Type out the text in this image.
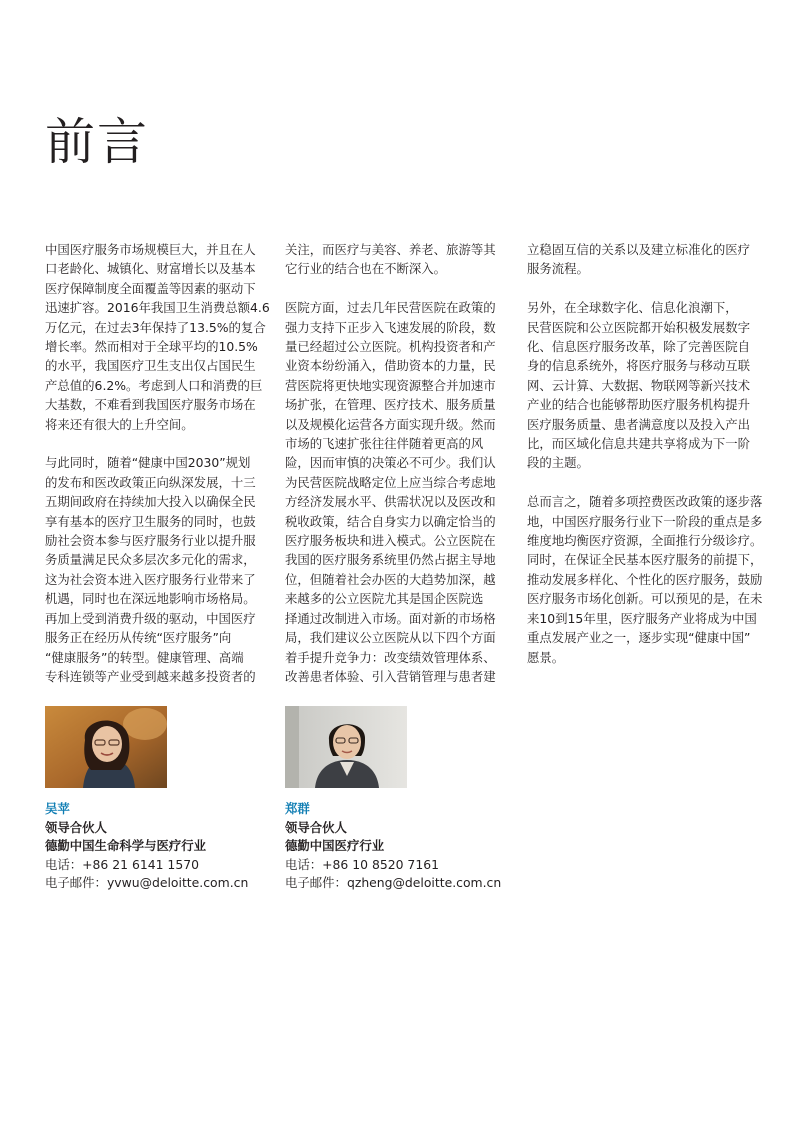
前言

中国医疗服务市场规模巨大，并且在人
口老龄化、城镇化、财富增长以及基本
医疗保障制度全面覆盖等因素的驱动下
迅速扩容。2016年我国卫生消费总额4.6
万亿元，在过去3年保持了13.5%的复合
增长率。然而相对于全球平均的10.5%
的水平，我国医疗卫生支出仅占国民生
产总值的6.2%。考虑到人口和消费的巨
大基数，不难看到我国医疗服务市场在
将来还有很大的上升空间。

与此同时，随着“健康中国2030”规划
的发布和医改政策正向纵深发展，十三
五期间政府在持续加大投入以确保全民
享有基本的医疗卫生服务的同时，也鼓
励社会资本参与医疗服务行业以提升服
务质量满足民众多层次多元化的需求，
这为社会资本进入医疗服务行业带来了
机遇，同时也在深远地影响市场格局。
再加上受到消费升级的驱动，中国医疗
服务正在经历从传统“医疗服务”向
“健康服务”的转型。健康管理、高端
专科连锁等产业受到越来越多投资者的

关注，而医疗与美容、养老、旅游等其
它行业的结合也在不断深入。

医院方面，过去几年民营医院在政策的
强力支持下正步入飞速发展的阶段，数
量已经超过公立医院。机构投资者和产
业资本纷纷涌入，借助资本的力量，民
营医院将更快地实现资源整合并加速市
场扩张，在管理、医疗技术、服务质量
以及规模化运营各方面实现升级。然而
市场的飞速扩张往往伴随着更高的风
险，因而审慎的决策必不可少。我们认
为民营医院战略定位上应当综合考虑地
方经济发展水平、供需状况以及医改和
税收政策，结合自身实力以确定恰当的
医疗服务板块和进入模式。公立医院在
我国的医疗服务系统里仍然占据主导地
位，但随着社会办医的大趋势加深，越
来越多的公立医院尤其是国企医院选
择通过改制进入市场。面对新的市场格
局，我们建议公立医院从以下四个方面
着手提升竞争力：改变绩效管理体系、
改善患者体验、引入营销管理与患者建

立稳固互信的关系以及建立标准化的医疗
服务流程。

另外，在全球数字化、信息化浪潮下，
民营医院和公立医院都开始积极发展数字
化、信息医疗服务改革，除了完善医院自
身的信息系统外，将医疗服务与移动互联
网、云计算、大数据、物联网等新兴技术
产业的结合也能够帮助医疗服务机构提升
医疗服务质量、患者满意度以及投入产出
比，而区域化信息共建共享将成为下一阶
段的主题。

总而言之，随着多项控费医改政策的逐步落
地，中国医疗服务行业下一阶段的重点是多
维度地均衡医疗资源，全面推行分级诊疗。
同时，在保证全民基本医疗服务的前提下，
推动发展多样化、个性化的医疗服务，鼓励
医疗服务市场化创新。可以预见的是，在未
来10到15年里，医疗服务产业将成为中国
重点发展产业之一，逐步实现“健康中国”
愿景。

吴苹
领导合伙人
德勤中国生命科学与医疗行业
电话：+86 21 6141 1570
电子邮件：yvwu@deloitte.com.cn
郑群
领导合伙人
德勤中国医疗行业
电话：+86 10 8520 7161
电子邮件：qzheng@deloitte.com.cn
